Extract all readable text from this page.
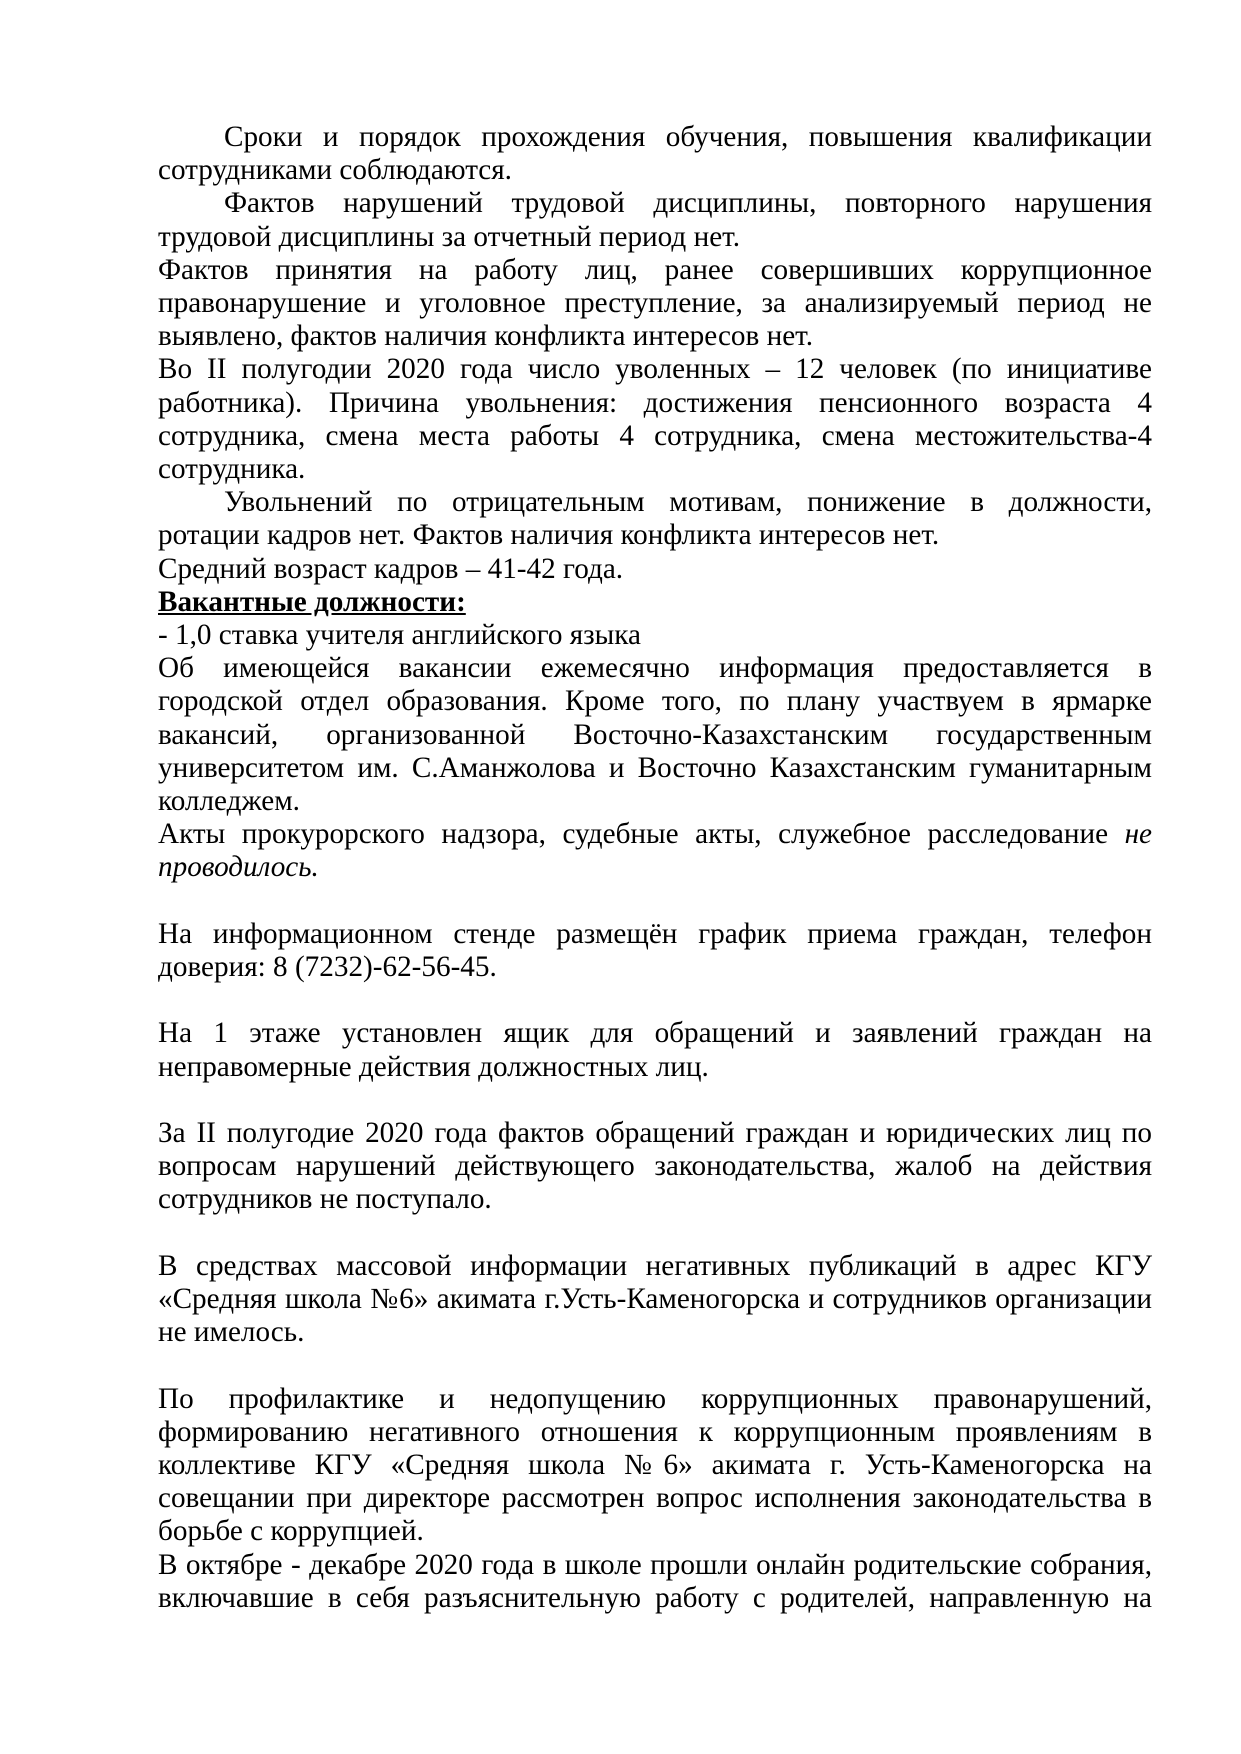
Сроки и порядок прохождения обучения, повышения квалификации сотрудниками соблюдаются.

Фактов нарушений трудовой дисциплины, повторного нарушения трудовой дисциплины за отчетный период нет.

Фактов принятия на работу лиц, ранее совершивших коррупционное правонарушение и уголовное преступление, за анализируемый период не выявлено, фактов наличия конфликта интересов нет.

Во II полугодии 2020 года число уволенных – 12 человек (по инициативе работника). Причина увольнения: достижения пенсионного возраста 4 сотрудника, смена места работы 4 сотрудника, смена местожительства-4 сотрудника.

Увольнений по отрицательным мотивам, понижение в должности, ротации кадров нет. Фактов наличия конфликта интересов нет.

Средний возраст кадров – 41-42 года.

Вакантные должности:

- 1,0 ставка учителя английского языка

Об имеющейся вакансии ежемесячно информация предоставляется в городской отдел образования. Кроме того, по плану участвуем в ярмарке вакансий, организованной Восточно-Казахстанским государственным университетом им. С.Аманжолова и Восточно Казахстанским гуманитарным колледжем.

Акты прокурорского надзора, судебные акты, служебное расследование не проводилось.

На информационном стенде размещён график приема граждан, телефон доверия: 8 (7232)-62-56-45.

На 1 этаже установлен ящик для обращений и заявлений граждан на неправомерные действия должностных лиц.

За II полугодие 2020 года фактов обращений граждан и юридических лиц по вопросам нарушений действующего законодательства, жалоб на действия сотрудников не поступало.

В средствах массовой информации негативных публикаций в адрес КГУ «Средняя школа №6» акимата г.Усть-Каменогорска и сотрудников организации не имелось.

По профилактике и недопущению коррупционных правонарушений, формированию негативного отношения к коррупционным проявлениям в коллективе КГУ «Средняя школа №6» акимата г. Усть-Каменогорска на совещании при директоре рассмотрен вопрос исполнения законодательства в борьбе с коррупцией.

В октябре - декабре 2020 года в школе прошли онлайн родительские собрания, включавшие в себя разъяснительную работу с родителей, направленную на
